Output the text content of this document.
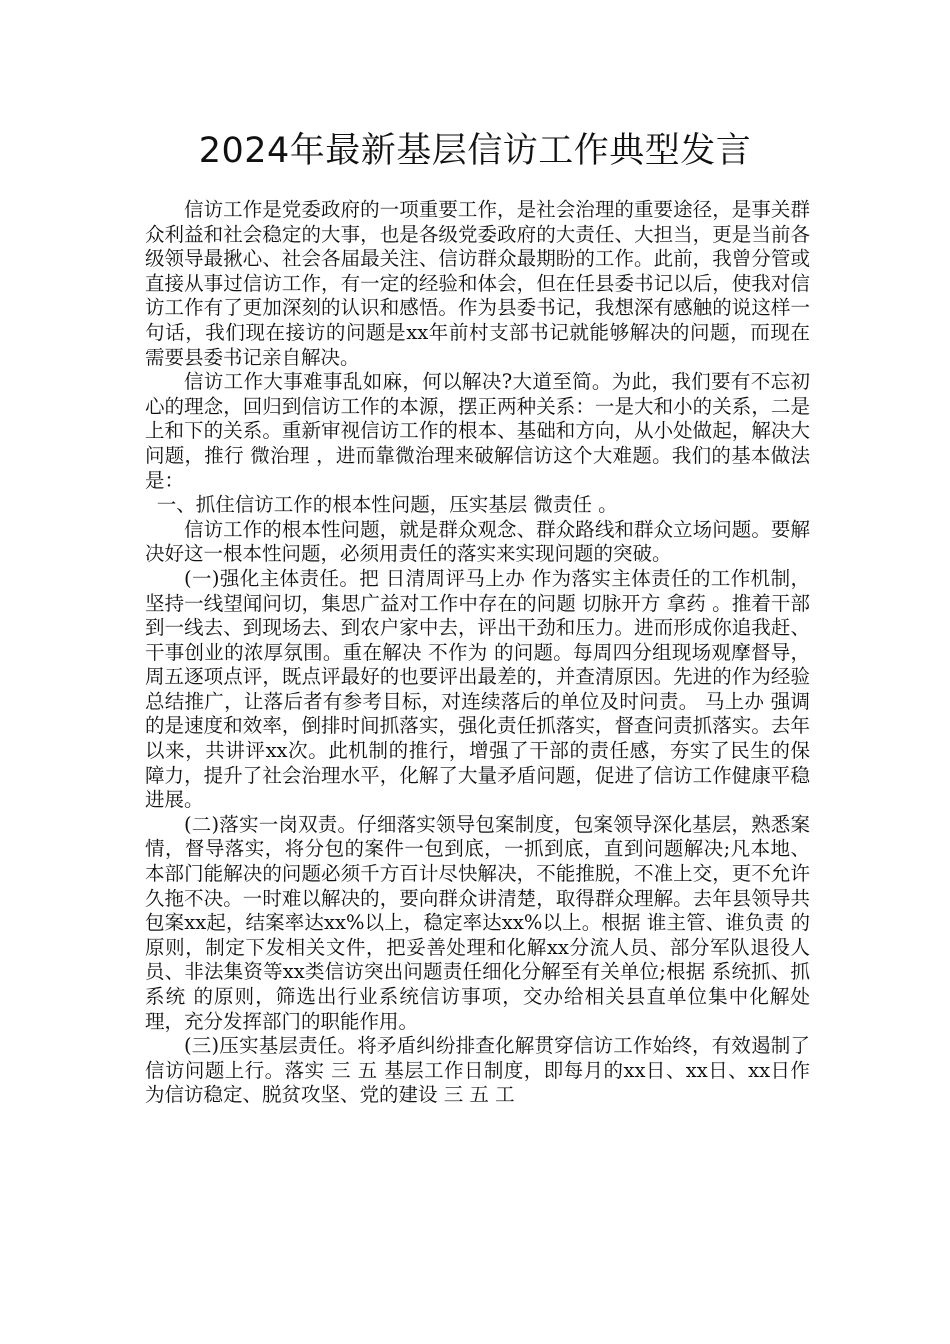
2024年最新基层信访工作典型发言

信访工作是党委政府的一项重要工作，是社会治理的重要途径，是事关群众利益和社会稳定的大事，也是各级党委政府的大责任、大担当，更是当前各级领导最揪心、社会各届最关注、信访群众最期盼的工作。此前，我曾分管或直接从事过信访工作，有一定的经验和体会，但在任县委书记以后，使我对信访工作有了更加深刻的认识和感悟。作为县委书记，我想深有感触的说这样一句话，我们现在接访的问题是xx年前村支部书记就能够解决的问题，而现在需要县委书记亲自解决。

信访工作大事难事乱如麻，何以解决?大道至简。为此，我们要有不忘初心的理念，回归到信访工作的本源，摆正两种关系：一是大和小的关系，二是上和下的关系。重新审视信访工作的根本、基础和方向，从小处做起，解决大问题，推行 微治理 ，进而靠微治理来破解信访这个大难题。我们的基本做法是：

一、抓住信访工作的根本性问题，压实基层 微责任 。

信访工作的根本性问题，就是群众观念、群众路线和群众立场问题。要解决好这一根本性问题，必须用责任的落实来实现问题的突破。

(一)强化主体责任。把 日清周评马上办 作为落实主体责任的工作机制，坚持一线望闻问切，集思广益对工作中存在的问题 切脉开方 拿药 。推着干部到一线去、到现场去、到农户家中去，评出干劲和压力。进而形成你追我赶、干事创业的浓厚氛围。重在解决 不作为 的问题。每周四分组现场观摩督导，周五逐项点评，既点评最好的也要评出最差的，并查清原因。先进的作为经验总结推广，让落后者有参考目标，对连续落后的单位及时问责。 马上办 强调的是速度和效率，倒排时间抓落实，强化责任抓落实，督查问责抓落实。去年以来，共讲评xx次。此机制的推行，增强了干部的责任感，夯实了民生的保障力，提升了社会治理水平，化解了大量矛盾问题，促进了信访工作健康平稳进展。

(二)落实一岗双责。仔细落实领导包案制度，包案领导深化基层，熟悉案情，督导落实，将分包的案件一包到底，一抓到底，直到问题解决;凡本地、本部门能解决的问题必须千方百计尽快解决，不能推脱，不准上交，更不允许久拖不决。一时难以解决的，要向群众讲清楚，取得群众理解。去年县领导共包案xx起，结案率达xx%以上，稳定率达xx%以上。根据 谁主管、谁负责 的原则，制定下发相关文件，把妥善处理和化解xx分流人员、部分军队退役人员、非法集资等xx类信访突出问题责任细化分解至有关单位;根据 系统抓、抓系统 的原则，筛选出行业系统信访事项，交办给相关县直单位集中化解处理，充分发挥部门的职能作用。

(三)压实基层责任。将矛盾纠纷排查化解贯穿信访工作始终，有效遏制了信访问题上行。落实 三 五 基层工作日制度，即每月的xx日、xx日、xx日作为信访稳定、脱贫攻坚、党的建设 三 五 工
